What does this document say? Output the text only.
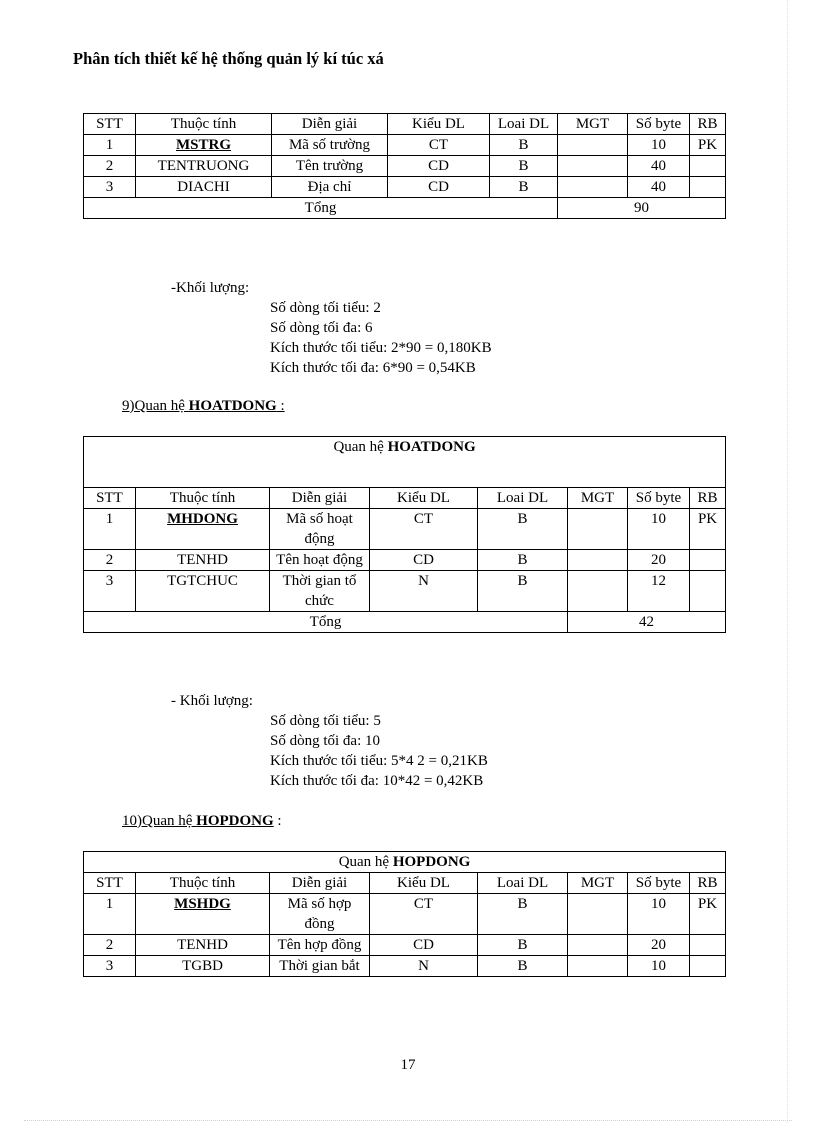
Phân tích thiết kế hệ thống quản lý kí túc xá
STT	Thuộc tính	Diễn giải	Kiểu DL	Loai DL	MGT	Số byte	RB
1	MSTRG	Mã số trường	CT	B		10	PK
2	TENTRUONG	Tên trường	CD	B		40	
3	DIACHI	Địa chỉ	CD	B		40	
Tổng					90		
-Khối lượng:
Số dòng tối tiểu: 2
Số dòng tối đa: 6
Kích thước tối tiểu: 2*90 = 0,180KB
Kích thước tối đa: 6*90 = 0,54KB
9)Quan hệ HOATDONG :
Quan hệ HOATDONG							
STT	Thuộc tính	Diễn giải	Kiểu DL	Loai DL	MGT	Số byte	RB
1	MHDONG	Mã số hoạt động	CT	B		10	PK
2	TENHD	Tên hoạt động	CD	B		20	
3	TGTCHUC	Thời gian tổ chức	N	B		12	
Tổng					42		
- Khối lượng:
Số dòng tối tiểu: 5
Số dòng tối đa: 10
Kích thước tối tiểu: 5*4 2 = 0,21KB
Kích thước tối đa: 10*42 = 0,42KB
10)Quan hệ HOPDONG :
Quan hệ HOPDONG							
STT	Thuộc tính	Diễn giải	Kiểu DL	Loai DL	MGT	Số byte	RB
1	MSHDG	Mã số hợp đồng	CT	B		10	PK
2	TENHD	Tên hợp đồng	CD	B		20	
3	TGBD	Thời gian bắt	N	B		10	
17
